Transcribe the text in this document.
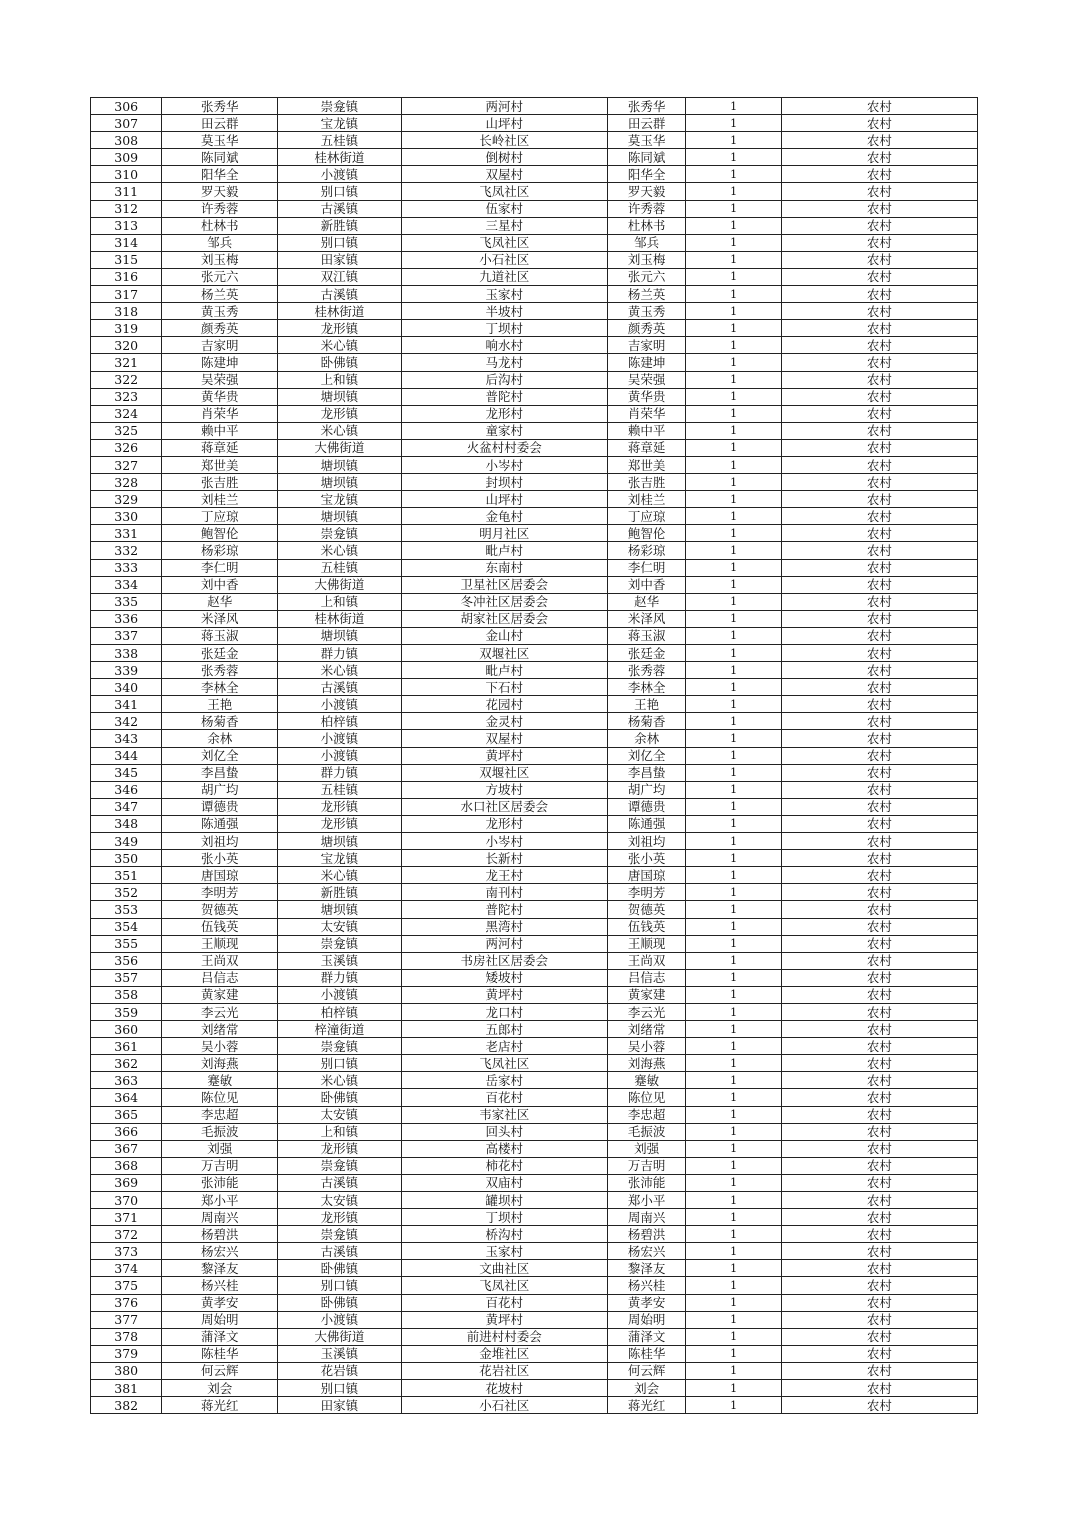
306	张秀华	崇龛镇	两河村	张秀华	1	农村
307	田云群	宝龙镇	山坪村	田云群	1	农村
308	莫玉华	五桂镇	长岭社区	莫玉华	1	农村
309	陈同斌	桂林街道	倒树村	陈同斌	1	农村
310	阳华全	小渡镇	双屋村	阳华全	1	农村
311	罗天毅	别口镇	飞凤社区	罗天毅	1	农村
312	许秀蓉	古溪镇	伍家村	许秀蓉	1	农村
313	杜林书	新胜镇	三星村	杜林书	1	农村
314	邹兵	别口镇	飞凤社区	邹兵	1	农村
315	刘玉梅	田家镇	小石社区	刘玉梅	1	农村
316	张元六	双江镇	九道社区	张元六	1	农村
317	杨兰英	古溪镇	玉家村	杨兰英	1	农村
318	黄玉秀	桂林街道	半坡村	黄玉秀	1	农村
319	颜秀英	龙形镇	丁坝村	颜秀英	1	农村
320	吉家明	米心镇	响水村	吉家明	1	农村
321	陈建坤	卧佛镇	马龙村	陈建坤	1	农村
322	吴荣强	上和镇	后沟村	吴荣强	1	农村
323	黄华贵	塘坝镇	普陀村	黄华贵	1	农村
324	肖荣华	龙形镇	龙形村	肖荣华	1	农村
325	赖中平	米心镇	童家村	赖中平	1	农村
326	蒋章延	大佛街道	火盆村村委会	蒋章延	1	农村
327	郑世美	塘坝镇	小岑村	郑世美	1	农村
328	张吉胜	塘坝镇	封坝村	张吉胜	1	农村
329	刘桂兰	宝龙镇	山坪村	刘桂兰	1	农村
330	丁应琼	塘坝镇	金龟村	丁应琼	1	农村
331	鲍智伦	崇龛镇	明月社区	鲍智伦	1	农村
332	杨彩琼	米心镇	毗卢村	杨彩琼	1	农村
333	李仁明	五桂镇	东南村	李仁明	1	农村
334	刘中香	大佛街道	卫星社区居委会	刘中香	1	农村
335	赵华	上和镇	冬冲社区居委会	赵华	1	农村
336	米泽风	桂林街道	胡家社区居委会	米泽风	1	农村
337	蒋玉淑	塘坝镇	金山村	蒋玉淑	1	农村
338	张廷金	群力镇	双堰社区	张廷金	1	农村
339	张秀蓉	米心镇	毗卢村	张秀蓉	1	农村
340	李林全	古溪镇	下石村	李林全	1	农村
341	王艳	小渡镇	花园村	王艳	1	农村
342	杨菊香	柏梓镇	金灵村	杨菊香	1	农村
343	余林	小渡镇	双屋村	余林	1	农村
344	刘亿全	小渡镇	黄坪村	刘亿全	1	农村
345	李昌蛰	群力镇	双堰社区	李昌蛰	1	农村
346	胡广均	五桂镇	方坡村	胡广均	1	农村
347	谭德贵	龙形镇	水口社区居委会	谭德贵	1	农村
348	陈通强	龙形镇	龙形村	陈通强	1	农村
349	刘祖均	塘坝镇	小岑村	刘祖均	1	农村
350	张小英	宝龙镇	长新村	张小英	1	农村
351	唐国琼	米心镇	龙王村	唐国琼	1	农村
352	李明芳	新胜镇	南刊村	李明芳	1	农村
353	贺德英	塘坝镇	普陀村	贺德英	1	农村
354	伍钱英	太安镇	黑湾村	伍钱英	1	农村
355	王顺现	崇龛镇	两河村	王顺现	1	农村
356	王尚双	玉溪镇	书房社区居委会	王尚双	1	农村
357	吕信志	群力镇	矮坡村	吕信志	1	农村
358	黄家建	小渡镇	黄坪村	黄家建	1	农村
359	李云光	柏梓镇	龙口村	李云光	1	农村
360	刘绪常	梓潼街道	五郎村	刘绪常	1	农村
361	吴小蓉	崇龛镇	老店村	吴小蓉	1	农村
362	刘海燕	别口镇	飞凤社区	刘海燕	1	农村
363	蹇敏	米心镇	岳家村	蹇敏	1	农村
364	陈位见	卧佛镇	百花村	陈位见	1	农村
365	李忠超	太安镇	韦家社区	李忠超	1	农村
366	毛振波	上和镇	回头村	毛振波	1	农村
367	刘强	龙形镇	高楼村	刘强	1	农村
368	万吉明	崇龛镇	柿花村	万吉明	1	农村
369	张沛能	古溪镇	双庙村	张沛能	1	农村
370	郑小平	太安镇	罐坝村	郑小平	1	农村
371	周南兴	龙形镇	丁坝村	周南兴	1	农村
372	杨碧洪	崇龛镇	桥沟村	杨碧洪	1	农村
373	杨宏兴	古溪镇	玉家村	杨宏兴	1	农村
374	黎泽友	卧佛镇	文曲社区	黎泽友	1	农村
375	杨兴桂	别口镇	飞凤社区	杨兴桂	1	农村
376	黄孝安	卧佛镇	百花村	黄孝安	1	农村
377	周始明	小渡镇	黄坪村	周始明	1	农村
378	蒲泽文	大佛街道	前进村村委会	蒲泽文	1	农村
379	陈桂华	玉溪镇	金堆社区	陈桂华	1	农村
380	何云辉	花岩镇	花岩社区	何云辉	1	农村
381	刘会	别口镇	花坡村	刘会	1	农村
382	蒋光红	田家镇	小石社区	蒋光红	1	农村
